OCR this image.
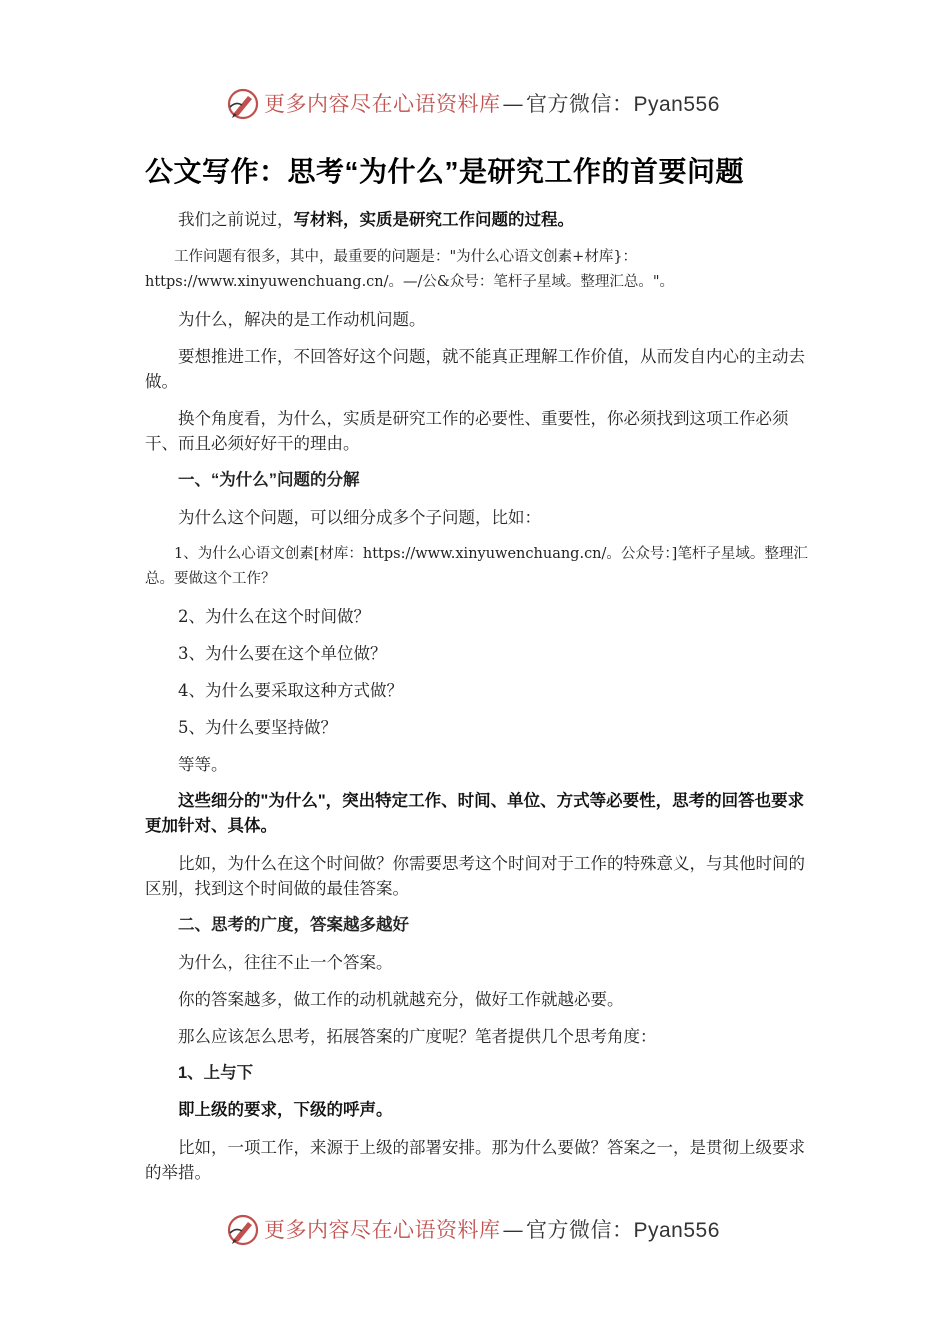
更多内容尽在心语资料库—官方微信：Pyan556
公文写作：思考“为什么”是研究工作的首要问题
我们之前说过，写材料，实质是研究工作问题的过程。
工作问题有很多，其中，最重要的问题是："为什么心语文创素+材库}：https://www.xinyuwenchuang.cn/。—/公&众号：笔杆子星域。整理汇总。"。
为什么，解决的是工作动机问题。
要想推进工作，不回答好这个问题，就不能真正理解工作价值，从而发自内心的主动去做。
换个角度看，为什么，实质是研究工作的必要性、重要性，你必须找到这项工作必须干、而且必须好好干的理由。
一、“为什么”问题的分解
为什么这个问题，可以细分成多个子问题，比如：
1、为什么心语文创素[材库：https://www.xinyuwenchuang.cn/。公众号：]笔杆子星域。整理汇总。要做这个工作？
2、为什么在这个时间做？
3、为什么要在这个单位做？
4、为什么要采取这种方式做？
5、为什么要坚持做？
等等。
这些细分的"为什么"，突出特定工作、时间、单位、方式等必要性，思考的回答也要求更加针对、具体。
比如，为什么在这个时间做？你需要思考这个时间对于工作的特殊意义，与其他时间的区别，找到这个时间做的最佳答案。
二、思考的广度，答案越多越好
为什么，往往不止一个答案。
你的答案越多，做工作的动机就越充分，做好工作就越必要。
那么应该怎么思考，拓展答案的广度呢？笔者提供几个思考角度：
1、上与下
即上级的要求，下级的呼声。
比如，一项工作，来源于上级的部署安排。那为什么要做？答案之一，是贯彻上级要求的举措。
更多内容尽在心语资料库—官方微信：Pyan556
